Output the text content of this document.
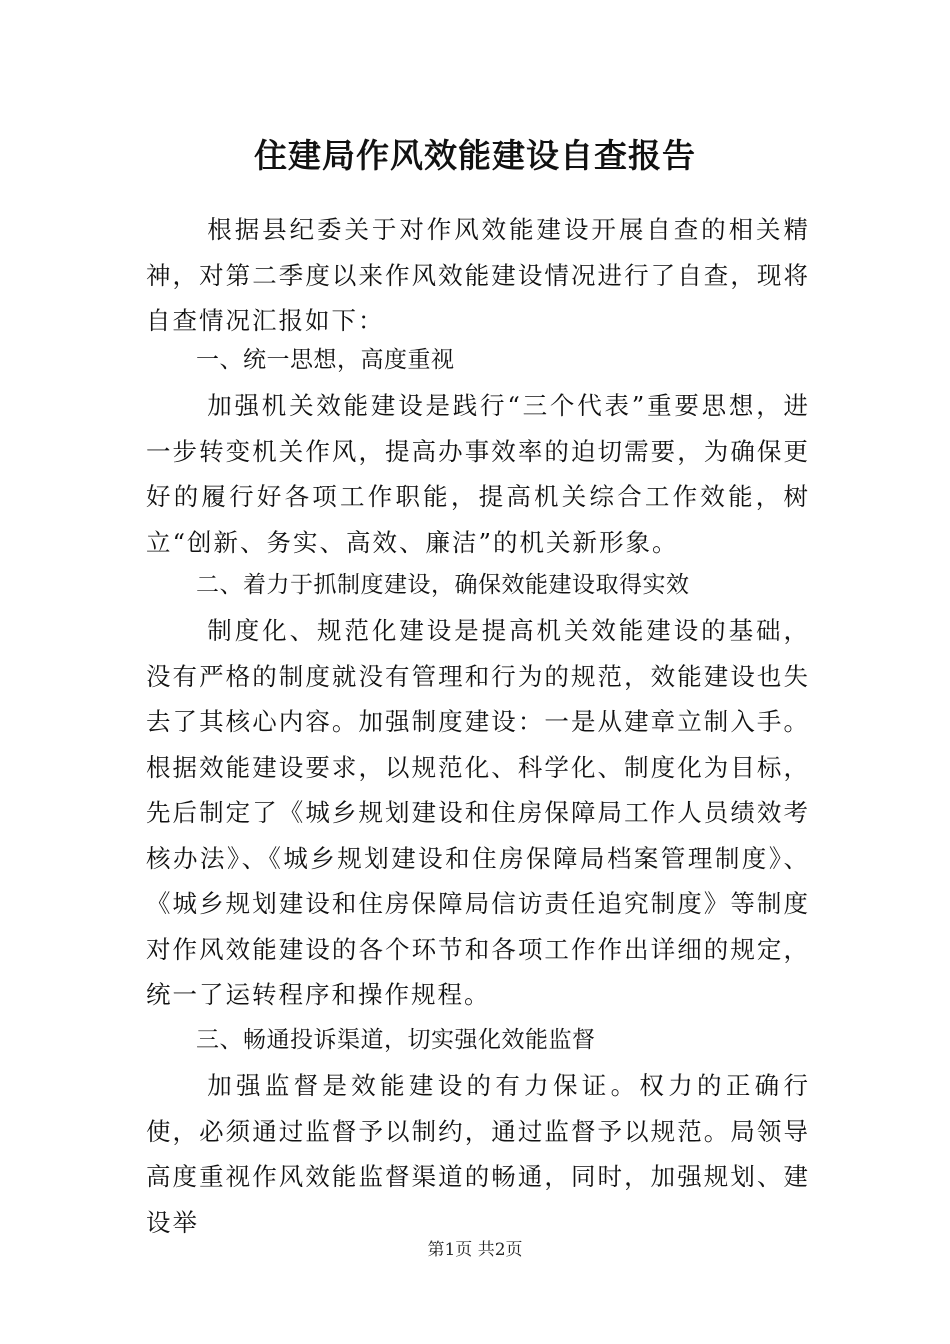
住建局作风效能建设自查报告

根据县纪委关于对作风效能建设开展自查的相关精神，对第二季度以来作风效能建设情况进行了自查，现将自查情况汇报如下：

一、统一思想，高度重视

加强机关效能建设是践行“三个代表”重要思想，进一步转变机关作风，提高办事效率的迫切需要，为确保更好的履行好各项工作职能，提高机关综合工作效能，树立“创新、务实、高效、廉洁”的机关新形象。

二、着力于抓制度建设，确保效能建设取得实效

制度化、规范化建设是提高机关效能建设的基础，没有严格的制度就没有管理和行为的规范，效能建设也失去了其核心内容。加强制度建设：一是从建章立制入手。根据效能建设要求，以规范化、科学化、制度化为目标，先后制定了《城乡规划建设和住房保障局工作人员绩效考核办法》、《城乡规划建设和住房保障局档案管理制度》、《城乡规划建设和住房保障局信访责任追究制度》等制度对作风效能建设的各个环节和各项工作作出详细的规定，统一了运转程序和操作规程。

三、畅通投诉渠道，切实强化效能监督

加强监督是效能建设的有力保证。权力的正确行使，必须通过监督予以制约，通过监督予以规范。局领导高度重视作风效能监督渠道的畅通，同时，加强规划、建设举

第1页 共2页
